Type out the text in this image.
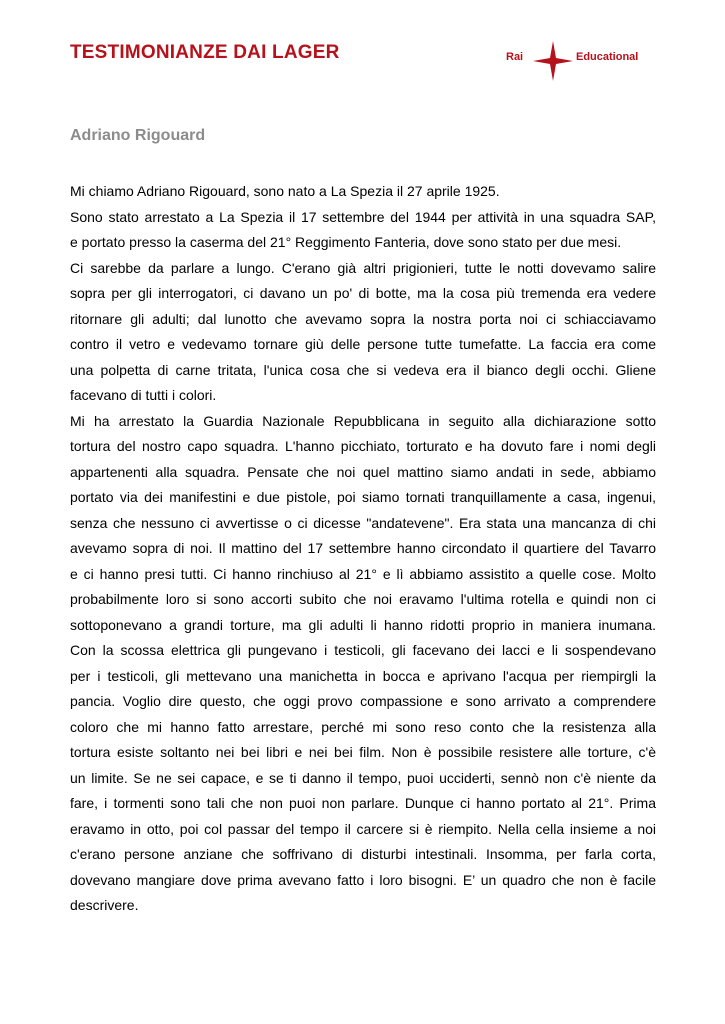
TESTIMONIANZE DAI LAGER	Rai	Educational
Adriano Rigouard
Mi chiamo Adriano Rigouard, sono nato a La Spezia il 27 aprile 1925.
Sono stato arrestato a La Spezia il 17 settembre del 1944 per attività in una squadra SAP,
e portato presso la caserma del 21° Reggimento Fanteria, dove sono stato per due mesi.
Ci sarebbe da parlare a lungo. C'erano già altri prigionieri, tutte le notti dovevamo salire
sopra per gli interrogatori, ci davano un po' di botte, ma la cosa più tremenda era vedere
ritornare gli adulti; dal lunotto che avevamo sopra la nostra porta noi ci schiacciavamo
contro il vetro e vedevamo tornare giù delle persone tutte tumefatte. La faccia era come
una polpetta di carne tritata, l'unica cosa che si vedeva era il bianco degli occhi. Gliene
facevano di tutti i colori.
Mi ha arrestato la Guardia Nazionale Repubblicana in seguito alla dichiarazione sotto
tortura del nostro capo squadra. L'hanno picchiato, torturato e ha dovuto fare i nomi degli
appartenenti alla squadra. Pensate che noi quel mattino siamo andati in sede, abbiamo
portato via dei manifestini e due pistole, poi siamo tornati tranquillamente a casa, ingenui,
senza che nessuno ci avvertisse o ci dicesse "andatevene". Era stata una mancanza di chi
avevamo sopra di noi. Il mattino del 17 settembre hanno circondato il quartiere del Tavarro
e ci hanno presi tutti. Ci hanno rinchiuso al 21° e lì abbiamo assistito a quelle cose. Molto
probabilmente loro si sono accorti subito che noi eravamo l'ultima rotella e quindi non ci
sottoponevano a grandi torture, ma gli adulti li hanno ridotti proprio in maniera inumana.
Con la scossa elettrica gli pungevano i testicoli, gli facevano dei lacci e li sospendevano
per i testicoli, gli mettevano una manichetta in bocca e aprivano l'acqua per riempirgli la
pancia. Voglio dire questo, che oggi provo compassione e sono arrivato a comprendere
coloro che mi hanno fatto arrestare, perché mi sono reso conto che la resistenza alla
tortura esiste soltanto nei bei libri e nei bei film. Non è possibile resistere alle torture, c'è
un limite. Se ne sei capace, e se ti danno il tempo, puoi ucciderti, sennò non c'è niente da
fare, i tormenti sono tali che non puoi non parlare. Dunque ci hanno portato al 21°. Prima
eravamo in otto, poi col passar del tempo il carcere si è riempito. Nella cella insieme a noi
c'erano persone anziane che soffrivano di disturbi intestinali. Insomma, per farla corta,
dovevano mangiare dove prima avevano fatto i loro bisogni. E’ un quadro che non è facile
descrivere.
